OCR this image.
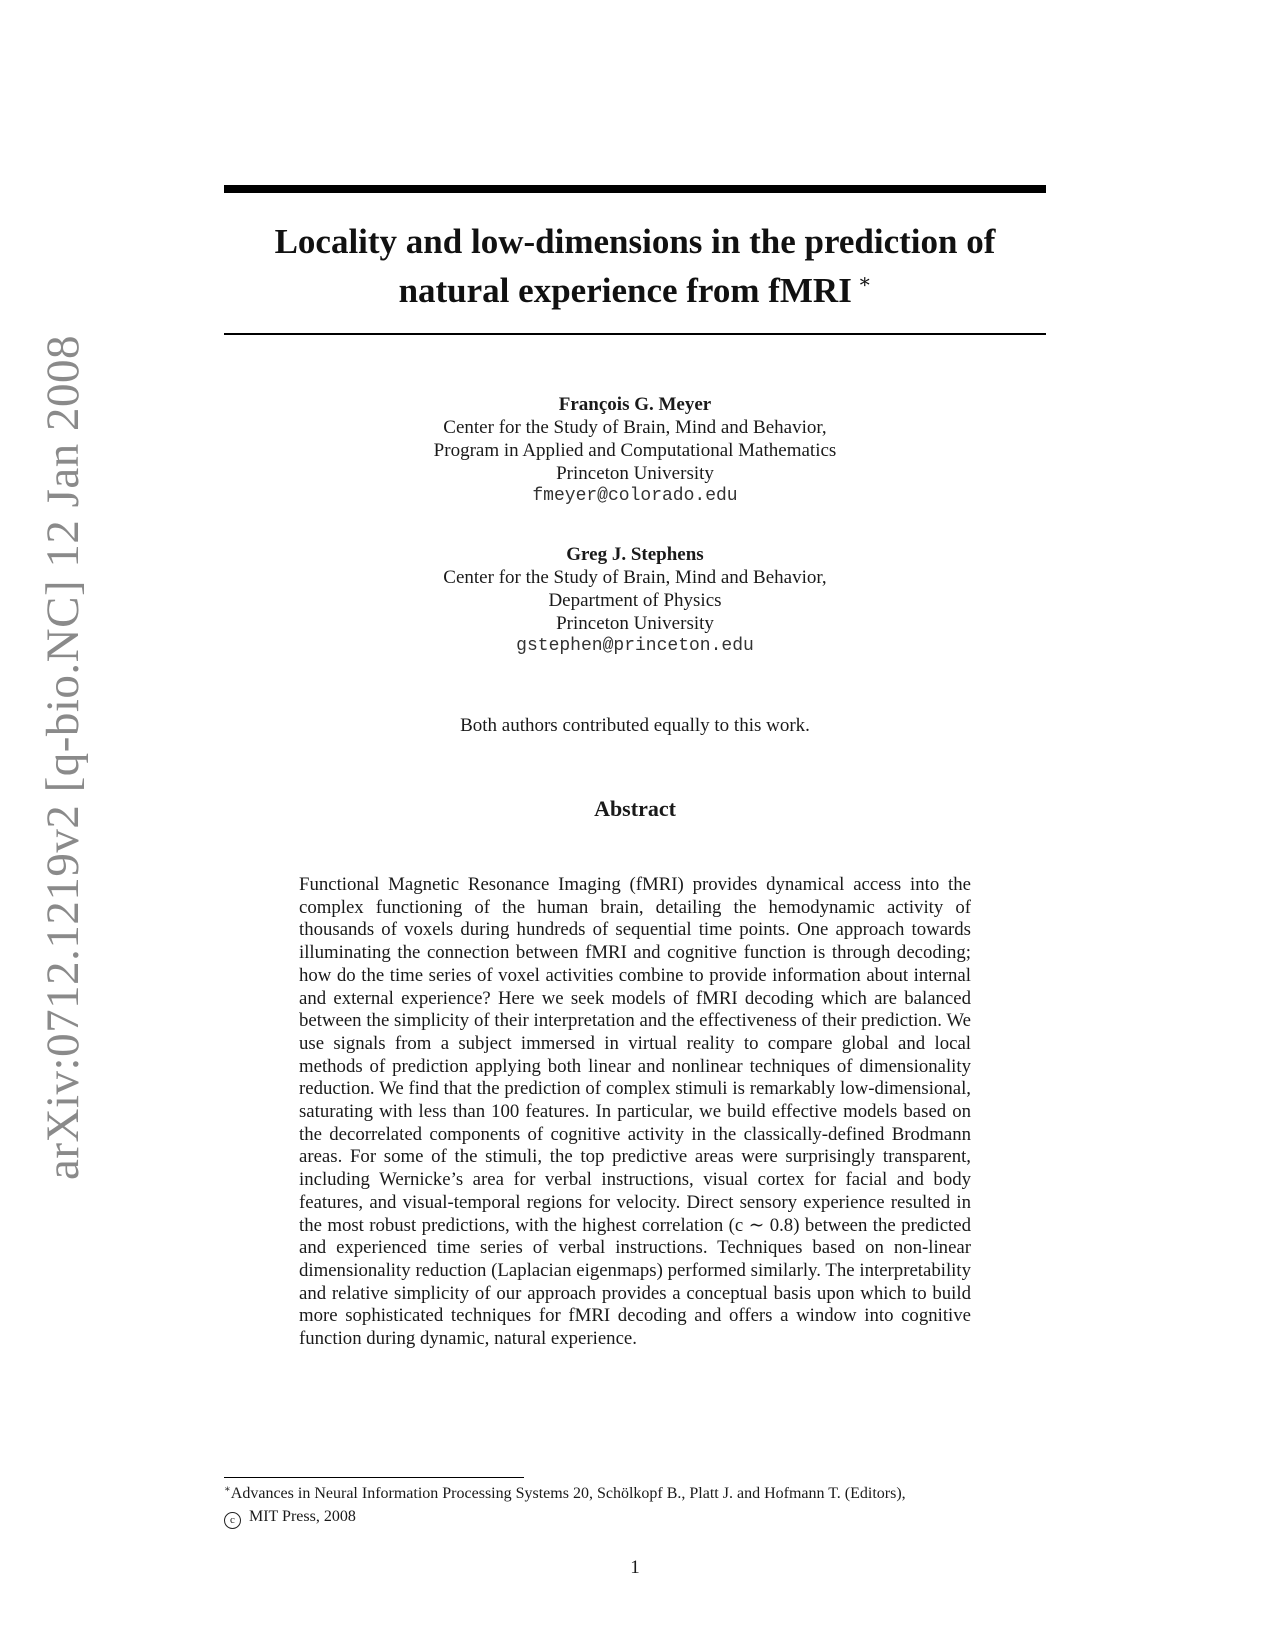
arXiv:0712.1219v2 [q-bio.NC] 12 Jan 2008
Locality and low-dimensions in the prediction of
natural experience from fMRI ∗
François G. Meyer
Center for the Study of Brain, Mind and Behavior,
Program in Applied and Computational Mathematics
Princeton University
fmeyer@colorado.edu
Greg J. Stephens
Center for the Study of Brain, Mind and Behavior,
Department of Physics
Princeton University
gstephen@princeton.edu
Both authors contributed equally to this work.
Abstract
Functional Magnetic Resonance Imaging (fMRI) provides dynamical access into the complex functioning of the human brain, detailing the hemodynamic activity of thousands of voxels during hundreds of sequential time points. One approach towards illuminating the connection between fMRI and cognitive function is through decoding; how do the time series of voxel activities combine to provide information about internal and external experience? Here we seek models of fMRI decoding which are balanced between the simplicity of their interpretation and the effectiveness of their prediction. We use signals from a subject immersed in virtual reality to compare global and local methods of prediction applying both linear and nonlinear techniques of dimensionality reduction. We find that the prediction of complex stimuli is remarkably low-dimensional, saturating with less than 100 features. In particular, we build effective models based on the decorrelated components of cognitive activity in the classically-defined Brodmann areas. For some of the stimuli, the top predictive areas were surprisingly transparent, including Wernicke’s area for verbal instructions, visual cortex for facial and body features, and visual-temporal regions for velocity. Direct sensory experience resulted in the most robust predictions, with the highest correlation (c ∼ 0.8) between the predicted and experienced time series of verbal instructions. Techniques based on non-linear dimensionality reduction (Laplacian eigenmaps) performed similarly. The interpretability and relative simplicity of our approach provides a conceptual basis upon which to build more sophisticated techniques for fMRI decoding and offers a window into cognitive function during dynamic, natural experience.
∗Advances in Neural Information Processing Systems 20, Schölkopf B., Platt J. and Hofmann T. (Editors),
c MIT Press, 2008
1
